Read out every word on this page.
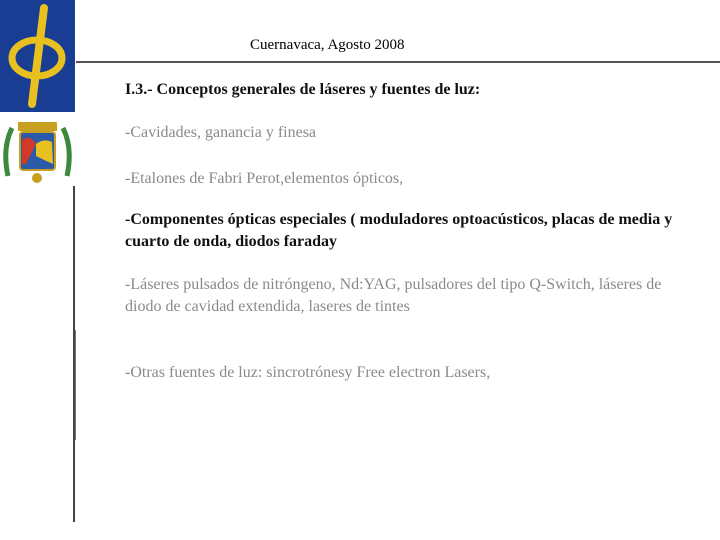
Cuernavaca, Agosto 2008
I.3.- Conceptos generales de láseres y fuentes de luz:
-Cavidades, ganancia y finesa
-Etalones de Fabri Perot,elementos ópticos,
-Componentes ópticas especiales ( moduladores optoacústicos, placas de media y cuarto de onda, diodos faraday
-Láseres pulsados de nitróngeno, Nd:YAG, pulsadores del tipo Q-Switch, láseres de diodo de cavidad extendida, laseres de tintes
-Otras fuentes de luz: sincrotrónesy Free electron Lasers,
